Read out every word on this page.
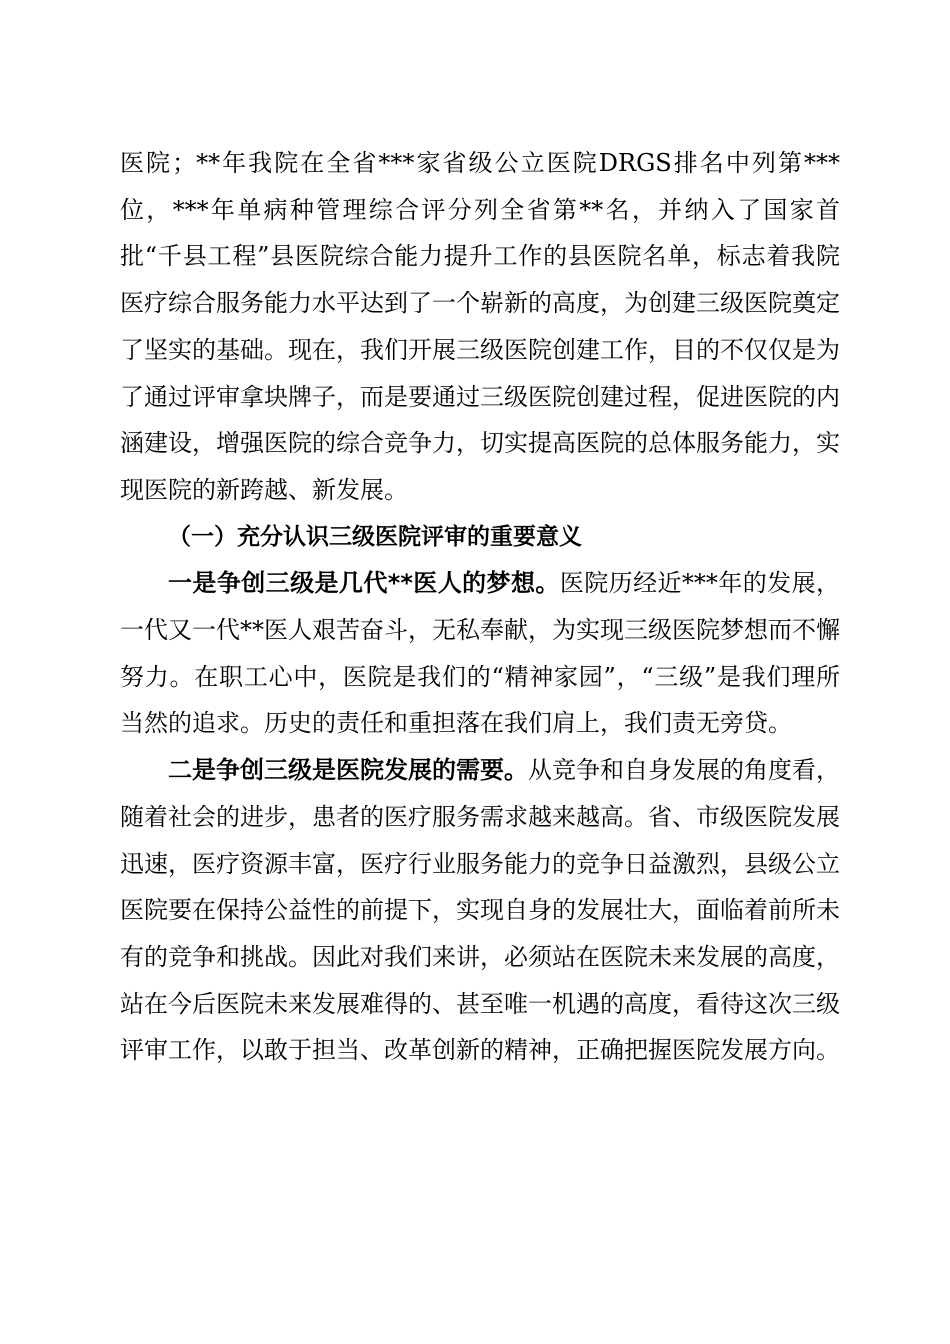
医院；**年我院在全省***家省级公立医院DRGS排名中列第***位，***年单病种管理综合评分列全省第**名，并纳入了国家首批“千县工程”县医院综合能力提升工作的县医院名单，标志着我院医疗综合服务能力水平达到了一个崭新的高度，为创建三级医院奠定了坚实的基础。现在，我们开展三级医院创建工作，目的不仅仅是为了通过评审拿块牌子，而是要通过三级医院创建过程，促进医院的内涵建设，增强医院的综合竞争力，切实提高医院的总体服务能力，实现医院的新跨越、新发展。

（一）充分认识三级医院评审的重要意义

一是争创三级是几代**医人的梦想。医院历经近***年的发展，一代又一代**医人艰苦奋斗，无私奉献，为实现三级医院梦想而不懈努力。在职工心中，医院是我们的“精神家园”，“三级”是我们理所当然的追求。历史的责任和重担落在我们肩上，我们责无旁贷。

二是争创三级是医院发展的需要。从竞争和自身发展的角度看，随着社会的进步，患者的医疗服务需求越来越高。省、市级医院发展迅速，医疗资源丰富，医疗行业服务能力的竞争日益激烈，县级公立医院要在保持公益性的前提下，实现自身的发展壮大，面临着前所未有的竞争和挑战。因此对我们来讲，必须站在医院未来发展的高度，站在今后医院未来发展难得的、甚至唯一机遇的高度，看待这次三级评审工作，以敢于担当、改革创新的精神，正确把握医院发展方向。
